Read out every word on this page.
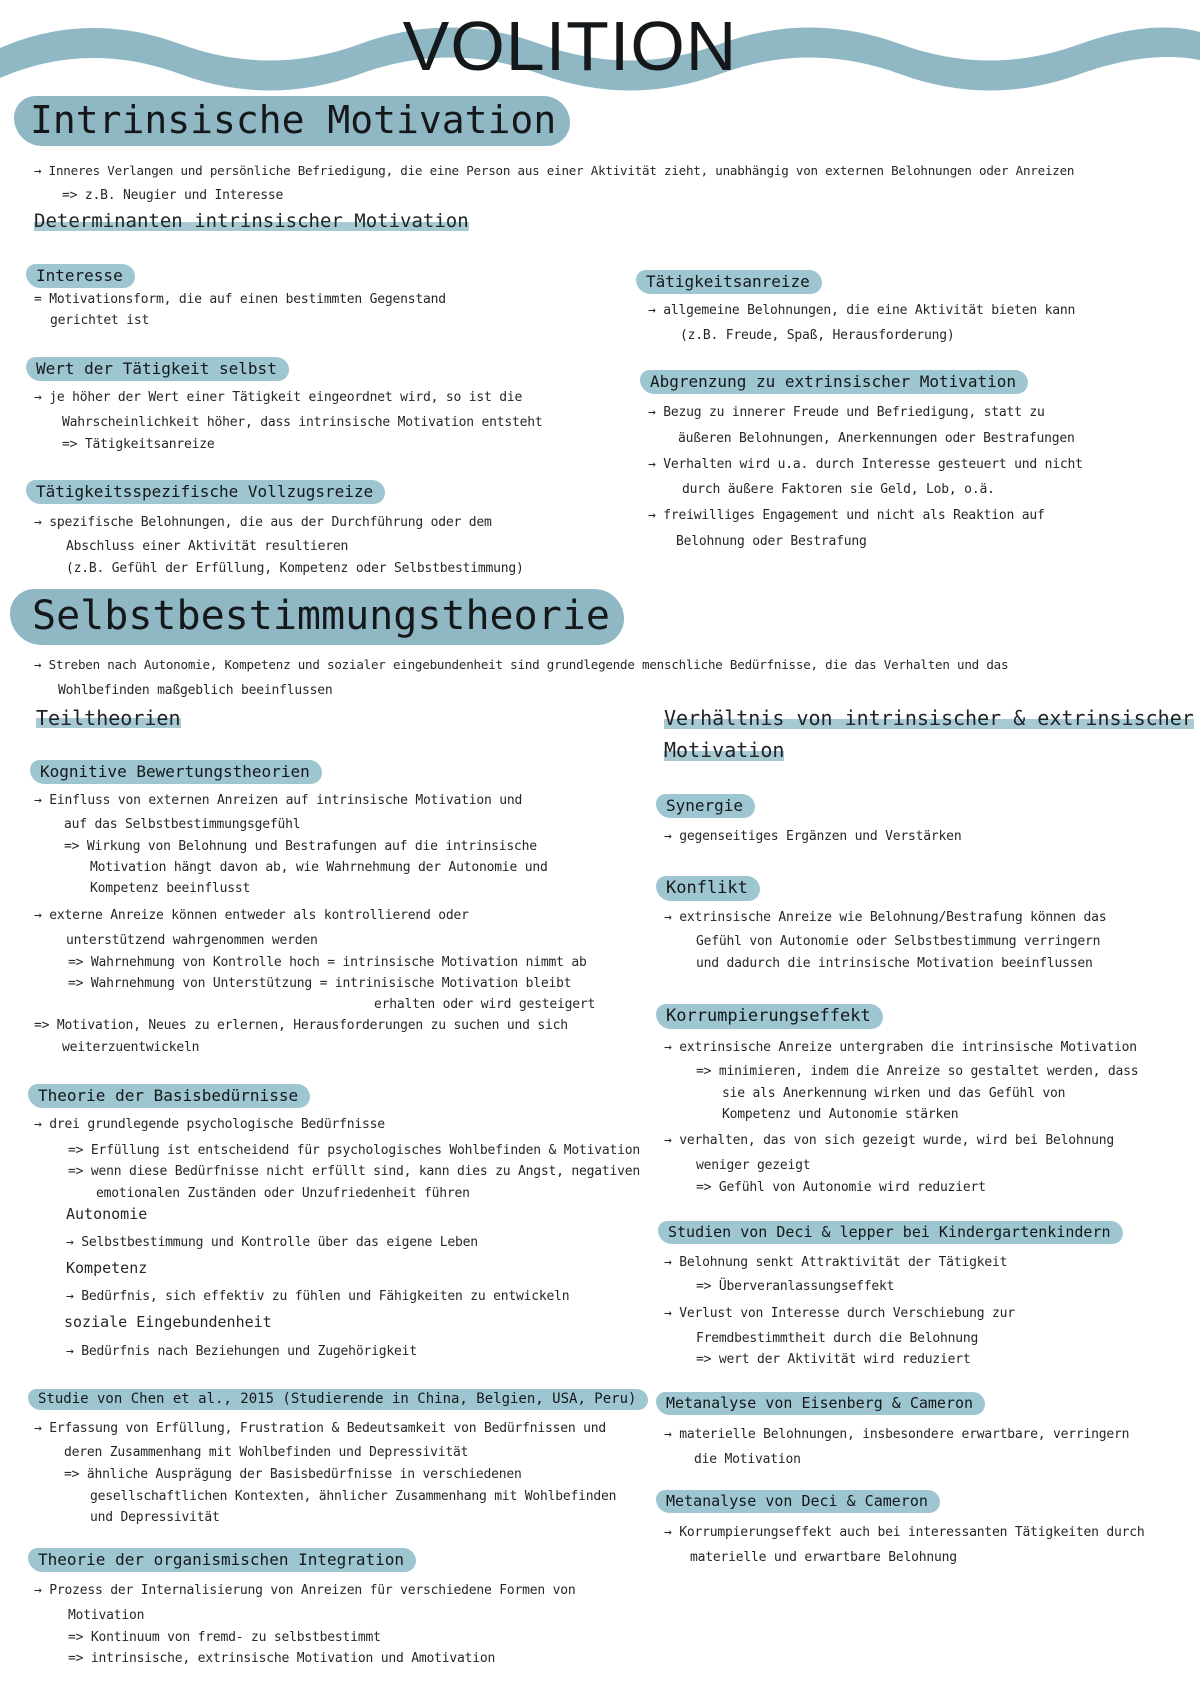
VOLITION
Intrinsische Motivation
→ Inneres Verlangen und persönliche Befriedigung, die eine Person aus einer Aktivität zieht, unabhängig von externen Belohnungen oder Anreizen
=> z.B. Neugier und Interesse
Determinanten intrinsischer Motivation
Interesse
= Motivationsform, die auf einen bestimmten Gegenstand
gerichtet ist
Wert der Tätigkeit selbst
→ je höher der Wert einer Tätigkeit eingeordnet wird, so ist die
Wahrscheinlichkeit höher, dass intrinsische Motivation entsteht
=> Tätigkeitsanreize
Tätigkeitsspezifische Vollzugsreize
→ spezifische Belohnungen, die aus der Durchführung oder dem
Abschluss einer Aktivität resultieren
(z.B. Gefühl der Erfüllung, Kompetenz oder Selbstbestimmung)
Tätigkeitsanreize
→ allgemeine Belohnungen, die eine Aktivität bieten kann
(z.B. Freude, Spaß, Herausforderung)
Abgrenzung zu extrinsischer Motivation
→ Bezug zu innerer Freude und Befriedigung, statt zu
äußeren Belohnungen, Anerkennungen oder Bestrafungen
→ Verhalten wird u.a. durch Interesse gesteuert und nicht
durch äußere Faktoren sie Geld, Lob, o.ä.
→ freiwilliges Engagement und nicht als Reaktion auf
Belohnung oder Bestrafung
Selbstbestimmungstheorie
→ Streben nach Autonomie, Kompetenz und sozialer eingebundenheit sind grundlegende menschliche Bedürfnisse, die das Verhalten und das
Wohlbefinden maßgeblich beeinflussen
Teiltheorien
Kognitive Bewertungstheorien
→ Einfluss von externen Anreizen auf intrinsische Motivation und
auf das Selbstbestimmungsgefühl
=> Wirkung von Belohnung und Bestrafungen auf die intrinsische
Motivation hängt davon ab, wie Wahrnehmung der Autonomie und
Kompetenz beeinflusst
→ externe Anreize können entweder als kontrollierend oder
unterstützend wahrgenommen werden
=> Wahrnehmung von Kontrolle hoch = intrinsische Motivation nimmt ab
=> Wahrnehmung von Unterstützung = intrinisische Motivation bleibt
erhalten oder wird gesteigert
=> Motivation, Neues zu erlernen, Herausforderungen zu suchen und sich
weiterzuentwickeln
Theorie der Basisbedürnisse
→ drei grundlegende psychologische Bedürfnisse
=> Erfüllung ist entscheidend für psychologisches Wohlbefinden & Motivation
=> wenn diese Bedürfnisse nicht erfüllt sind, kann dies zu Angst, negativen
emotionalen Zuständen oder Unzufriedenheit führen
Autonomie
→ Selbstbestimmung und Kontrolle über das eigene Leben
Kompetenz
→ Bedürfnis, sich effektiv zu fühlen und Fähigkeiten zu entwickeln
soziale Eingebundenheit
→ Bedürfnis nach Beziehungen und Zugehörigkeit
Studie von Chen et al., 2015 (Studierende in China, Belgien, USA, Peru)
→ Erfassung von Erfüllung, Frustration & Bedeutsamkeit von Bedürfnissen und
deren Zusammenhang mit Wohlbefinden und Depressivität
=> ähnliche Ausprägung der Basisbedürfnisse in verschiedenen
gesellschaftlichen Kontexten, ähnlicher Zusammenhang mit Wohlbefinden
und Depressivität
Theorie der organismischen Integration
→ Prozess der Internalisierung von Anreizen für verschiedene Formen von
Motivation
=> Kontinuum von fremd- zu selbstbestimmt
=> intrinsische, extrinsische Motivation und Amotivation
Verhältnis von intrinsischer & extrinsischer
Motivation
Synergie
→ gegenseitiges Ergänzen und Verstärken
Konflikt
→ extrinsische Anreize wie Belohnung/Bestrafung können das
Gefühl von Autonomie oder Selbstbestimmung verringern
und dadurch die intrinsische Motivation beeinflussen
Korrumpierungseffekt
→ extrinsische Anreize untergraben die intrinsische Motivation
=> minimieren, indem die Anreize so gestaltet werden, dass
sie als Anerkennung wirken und das Gefühl von
Kompetenz und Autonomie stärken
→ verhalten, das von sich gezeigt wurde, wird bei Belohnung
weniger gezeigt
=> Gefühl von Autonomie wird reduziert
Studien von Deci & lepper bei Kindergartenkindern
→ Belohnung senkt Attraktivität der Tätigkeit
=> Überveranlassungseffekt
→ Verlust von Interesse durch Verschiebung zur
Fremdbestimmtheit durch die Belohnung
=> wert der Aktivität wird reduziert
Metanalyse von Eisenberg & Cameron
→ materielle Belohnungen, insbesondere erwartbare, verringern
die Motivation
Metanalyse von Deci & Cameron
→ Korrumpierungseffekt auch bei interessanten Tätigkeiten durch
materielle und erwartbare Belohnung
